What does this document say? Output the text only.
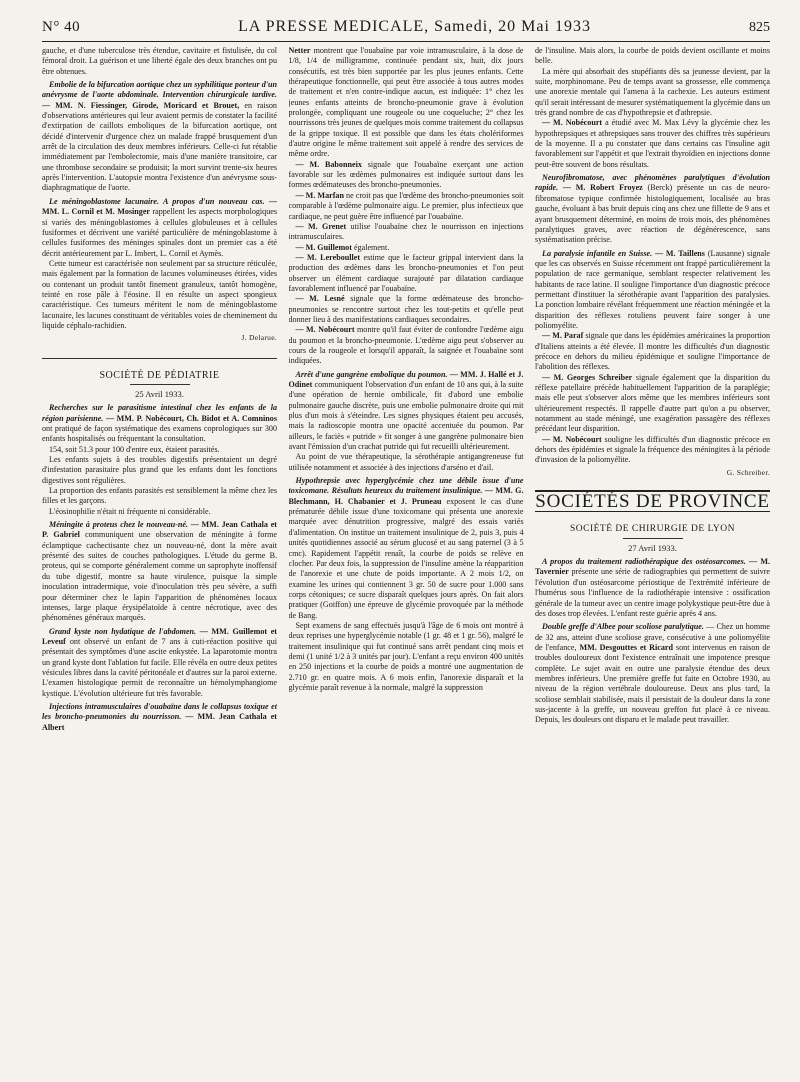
N° 40	LA PRESSE MEDICALE, Samedi, 20 Mai 1933	825

gauche, et d'une tuberculose très étendue, cavitaire et fistulisée, du col fémoral droit. La guérison et une liberté égale des deux branches ont pu être obtenues.

Embolie de la bifurcation aortique chez un syphilitique porteur d'un anévrysme de l'aorte abdominale. Intervention chirurgicale tardive. — MM. N. Fiessinger, Girode, Moricard et Brouet, en raison d'observations antérieures qui leur avaient permis de constater la facilité d'extirpation de caillots emboliques de la bifurcation aortique, ont décidé d'intervenir d'urgence chez un malade frappé brusquement d'un arrêt de la circulation des deux membres inférieurs. Celle-ci fut rétablie immédiatement par l'embolectomie, mais d'une manière transitoire, car une thrombose secondaire se produisit; la mort survint trente-six heures après l'intervention. L'autopsie montra l'existence d'un anévrysme sous-diaphragmatique de l'aorte.

Le méningoblastome lacunaire. A propos d'un nouveau cas. — MM. L. Cornil et M. Mosinger rappellent les aspects morphologiques si variés des méningoblastomes à cellules globuleuses et à cellules fusiformes et décrivent une variété particulière de méningoblastome à cellules fusiformes des méninges spinales dont un premier cas a été décrit antérieurement par L. Imbert, L. Cornil et Aymès.

Cette tumeur est caractérisée non seulement par sa structure réticulée, mais également par la formation de lacunes volumineuses étirées, vides ou contenant un produit tantôt finement granuleux, tantôt homogène, teinté en rose pâle à l'éosine. Il en résulte un aspect spongieux caractéristique. Ces tumeurs méritent le nom de méningoblastome lacunaire, les lacunes constituant de véritables voies de cheminement du liquide céphalo-rachidien.

J. Delarue.
SOCIÉTÉ DE PÉDIATRIE
25 Avril 1933.

Recherches sur le parasitisme intestinal chez les enfants de la région parisienne. — MM. P. Nobécourt, Ch. Bidot et A. Comninos ont pratiqué de façon systématique des examens coprologiques sur 300 enfants hospitalisés ou fréquentant la consultation.

154, soit 51.3 pour 100 d'entre eux, étaient parasités.

Les enfants sujets à des troubles digestifs présentaient un degré d'infestation parasitaire plus grand que les enfants dont les fonctions digestives sont régulières.

La proportion des enfants parasités est sensiblement la même chez les filles et les garçons.

L'éosinophilie n'était ni fréquente ni considérable.

Méningite à proteus chez le nouveau-né. — MM. Jean Cathala et P. Gabriel communiquent une observation de méningite à forme éclamptique cachectisante chez un nouveau-né, dont la mère avait présenté des suites de couches pathologiques. L'étude du germe B. proteus, qui se comporte généralement comme un saprophyte inoffensif du tube digestif, montre sa haute virulence, puisque la simple inoculation intradermique, voie d'inoculation très peu sévère, a suffi pour déterminer chez le lapin l'apparition de phénomènes locaux intenses, large plaque érysipélatoïde à centre nécrotique, avec des phénomènes généraux marqués.

Grand kyste non hydatique de l'abdomen. — MM. Guillemot et Leveuf ont observé un enfant de 7 ans à cuti-réaction positive qui présentait des symptômes d'une ascite enkystée. La laparotomie montra un grand kyste dont l'ablation fut facile. Elle révéla en outre deux petites vésicules libres dans la cavité péritonéale et d'autres sur la paroi externe. L'examen histologique permit de reconnaître un hémolymphangiome kystique. L'évolution ultérieure fut très favorable.

Injections intramusculaires d'ouabaïne dans le collapsus toxique et les broncho-pneumonies du nourrisson. — MM. Jean Cathala et Albert

Netter montrent que l'ouabaïne par voie intramusculaire, à la dose de 1/8, 1/4 de milligramme, continuée pendant six, huit, dix jours consécutifs, est très bien supportée par les plus jeunes enfants. Cette thérapeutique fonctionnelle, qui peut être associée à tous autres modes de traitement et n'en contre-indique aucun, est indiquée: 1° chez les jeunes enfants atteints de broncho-pneumonie grave à évolution prolongée, compliquant une rougeole ou une coqueluche; 2° chez les nourrissons très jeunes de quelques mois comme traitement du collapsus de la grippe toxique. Il est possible que dans les états cholériformes d'autre origine le même traitement soit appelé à rendre des services de même ordre.

— M. Babonneix signale que l'ouabaïne exerçant une action favorable sur les œdèmes pulmonaires est indiquée surtout dans les formes œdémateuses des broncho-pneumonies.

— M. Marfan ne croit pas que l'œdème des broncho-pneumonies soit comparable à l'œdème pulmonaire aigu. Le premier, plus infectieux que cardiaque, ne peut guère être influencé par l'ouabaïne.

— M. Grenet utilise l'ouabaïne chez le nourrisson en injections intramusculaires.

— M. Guillemot également.

— M. Lereboullet estime que le facteur grippal intervient dans la production des œdèmes dans les broncho-pneumonies et l'on peut observer un élément cardiaque surajouté par dilatation cardiaque favorablement influencé par l'ouabaïne.

— M. Lesné signale que la forme œdémateuse des broncho-pneumonies se rencontre surtout chez les tout-petits et qu'elle peut donner lieu à des manifestations cardiaques secondaires.

— M. Nobécourt montre qu'il faut éviter de confondre l'œdème aigu du poumon et la broncho-pneumonie. L'œdème aigu peut s'observer au cours de la rougeole et lorsqu'il apparaît, la saignée et l'ouabaïne sont indiquées.

Arrêt d'une gangrène embolique du poumon. — MM. J. Hallé et J. Odinet communiquent l'observation d'un enfant de 10 ans qui, à la suite d'une opération de hernie ombilicale, fit d'abord une embolie pulmonaire gauche discrète, puis une embolie pulmonaire droite qui mit plus d'un mois à s'éteindre. Les signes physiques étaient peu accusés, mais la radioscopie montra une opacité accentuée du poumon. Par ailleurs, le faciès « putride » fit songer à une gangrène pulmonaire bien avant l'émission d'un crachat putride qui fut recueilli ultérieurement.

Au point de vue thérapeutique, la sérothérapie antigangreneuse fut utilisée notamment et associée à des injections d'arséno et d'ail.

Hypothrepsie avec hyperglycémie chez une débile issue d'une toxicomane. Résultats heureux du traitement insulinique. — MM. G. Blechmann, H. Chabanier et J. Pruneau exposent le cas d'une prématurée débile issue d'une toxicomane qui présenta une anorexie marquée avec dénutrition progressive, malgré des essais variés d'alimentation. On institue un traitement insulinique de 2, puis 3, puis 4 unités quotidiennes associé au sérum glucosé et au sang paternel (3 à 5 cmc). Rapidement l'appétit renaît, la courbe de poids se relève en clocher. Par deux fois, la suppression de l'insuline amène la réapparition de l'anorexie et une chute de poids importante. A 2 mois 1/2, on examine les urines qui contiennent 3 gr. 50 de sucre pour 1.000 sans corps cétoniques; ce sucre disparaît quelques jours après. On fait alors pratiquer (Goiffon) une épreuve de glycémie provoquée par la méthode de Bang.

Sept examens de sang effectués jusqu'à l'âge de 6 mois ont montré à deux reprises une hyperglycémie notable (1 gr. 48 et 1 gr. 56), malgré le traitement insulinique qui fut continué sans arrêt pendant cinq mois et demi (1 unité 1/2 à 3 unités par jour). L'enfant a reçu environ 400 unités en 250 injections et la courbe de poids a montré une augmentation de 2.710 gr. en quatre mois. A 6 mois enfin, l'anorexie disparaît et la glycémie paraît revenue à la normale, malgré la suppression

de l'insuline. Mais alors, la courbe de poids devient oscillante et moins belle.

La mère qui absorbait des stupéfiants dès sa jeunesse devient, par la suite, morphinomane. Peu de temps avant sa grossesse, elle commença une anorexie mentale qui l'amena à la cachexie. Les auteurs estiment qu'il serait intéressant de mesurer systématiquement la glycémie dans un très grand nombre de cas d'hypothrepsie et d'athrepsie.

— M. Nobécourt a étudié avec M. Max Lévy la glycémie chez les hypothrepsiques et athrepsiques sans trouver des chiffres très supérieurs de la moyenne. Il a pu constater que dans certains cas l'insuline agit favorablement sur l'appétit et que l'extrait thyroïdien en injections donne peut-être souvent de bons résultats.

Neurofibromatose, avec phénomènes paralytiques d'évolution rapide. — M. Robert Froyez (Berck) présente un cas de neuro-fibromatose typique confirmée histologiquement, localisée au bras gauche, évoluant à bas bruit depuis cinq ans chez une fillette de 9 ans et ayant brusquement déterminé, en moins de trois mois, des phénomènes paralytiques graves, avec réaction de dégénérescence, sans systématisation précise.

La paralysie infantile en Suisse. — M. Taillens (Lausanne) signale que les cas observés en Suisse récemment ont frappé particulièrement la population de race germanique, semblant respecter relativement les habitants de race latine. Il souligne l'importance d'un diagnostic précoce permettant d'instituer la sérothérapie avant l'apparition des paralysies. La ponction lombaire révélant fréquemment une réaction méningée et la disparition des réflexes rotuliens peuvent faire songer à une poliomyélite.

— M. Paraf signale que dans les épidémies américaines la proportion d'Italiens atteints a été élevée. Il montre les difficultés d'un diagnostic précoce en dehors du milieu épidémique et souligne l'importance de l'abolition des réflexes.

— M. Georges Schreiber signale également que la disparition du réflexe patellaire précède habituellement l'apparition de la paraplégie; mais elle peut s'observer alors même que les membres inférieurs sont ultérieurement respectés. Il rappelle d'autre part qu'on a pu observer, notamment au stade méningé, une exagération passagère des réflexes précédant leur disparition.

— M. Nobécourt souligne les difficultés d'un diagnostic précoce en dehors des épidémies et signale la fréquence des méningites à la période d'invasion de la poliomyélite.

G. Schreiber.
SOCIÉTÉS DE PROVINCE
SOCIÉTÉ DE CHIRURGIE DE LYON
27 Avril 1933.

A propos du traitement radiothérapique des ostéosarcomes. — M. Tavernier présente une série de radiographies qui permettent de suivre l'évolution d'un ostéosarcome périostique de l'extrémité inférieure de l'humérus sous l'influence de la radiothérapie intensive : ossification générale de la tumeur avec un centre image polykystique peut-être due à des doses trop élevées. L'enfant reste guérie après 4 ans.

Double greffe d'Albee pour scoliose paralytique. — Chez un homme de 32 ans, atteint d'une scoliose grave, consécutive à une poliomyélite de l'enfance, MM. Desgouttes et Ricard sont intervenus en raison de troubles douloureux dont l'existence entraînait une impotence presque complète. Le sujet avait en outre une paralysie étendue des deux membres inférieurs. Une première greffe fut faite en Octobre 1930, au niveau de la région vertébrale douloureuse. Deux ans plus tard, la scoliose semblait stabilisée, mais il persistait de la douleur dans la zone sus-jacente à la greffe, un nouveau greffon fut placé à ce niveau. Depuis, les douleurs ont disparu et le malade peut travailler.
